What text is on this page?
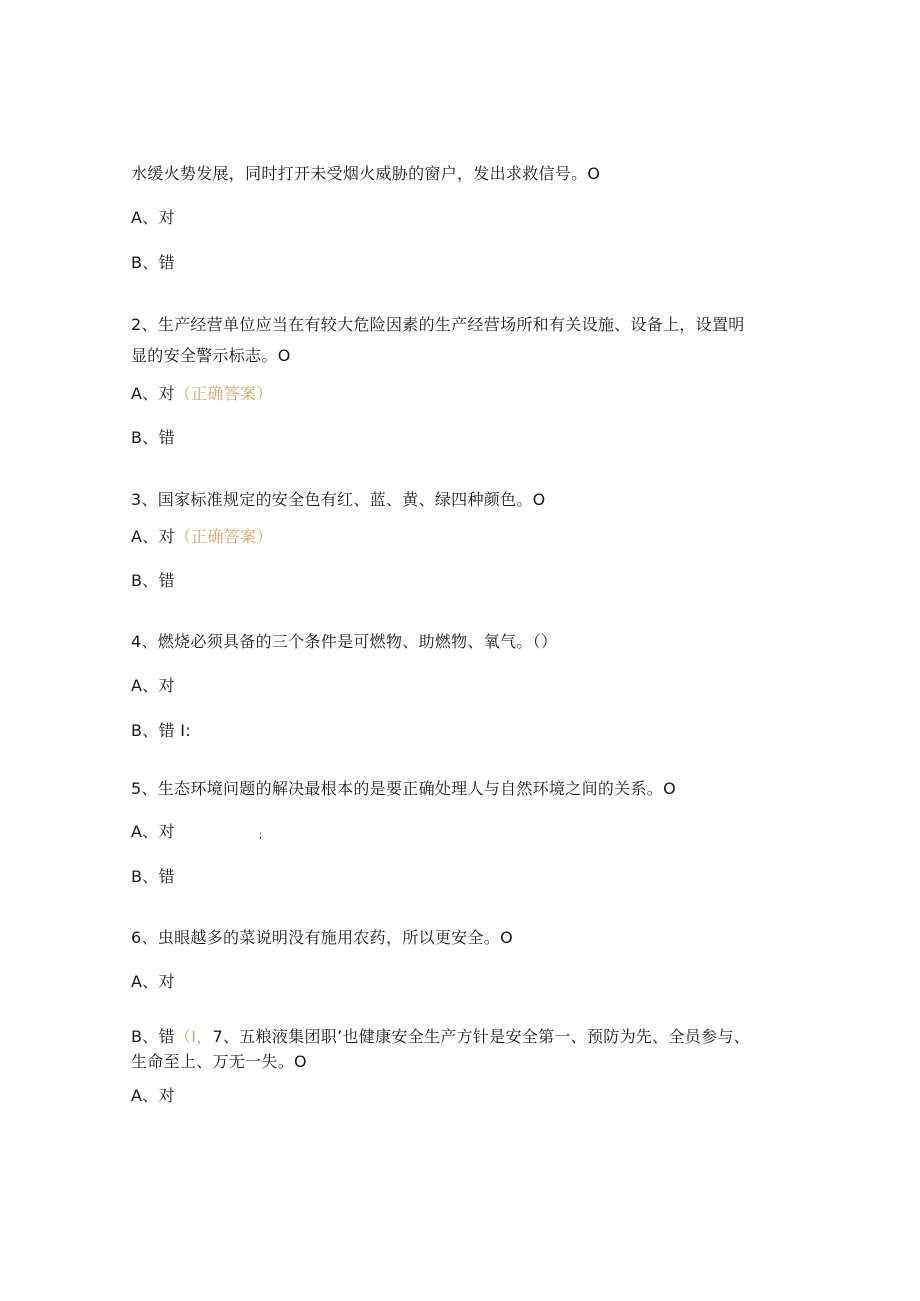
水缓火势发展，同时打开未受烟火威胁的窗户，发出求救信号。O
A、对
B、错
2、生产经营单位应当在有较大危险因素的生产经营场所和有关设施、设备上，设置明
显的安全警示标志。O
A、对（正确答案）
B、错
3、国家标准规定的安全色有红、蓝、黄、绿四种颜色。O
A、对（正确答案）
B、错
4、燃烧必须具备的三个条件是可燃物、助燃物、氧气。（）
A、对
B、错 I:
5、生态环境问题的解决最根本的是要正确处理人与自然环境之间的关系。O
A、对	;
B、错
6、虫眼越多的菜说明没有施用农药，所以更安全。O
A、对
B、错（I，7、五粮液集团职’也健康安全生产方针是安全第一、预防为先、全员参与、
生命至上、万无一失。O
A、对
